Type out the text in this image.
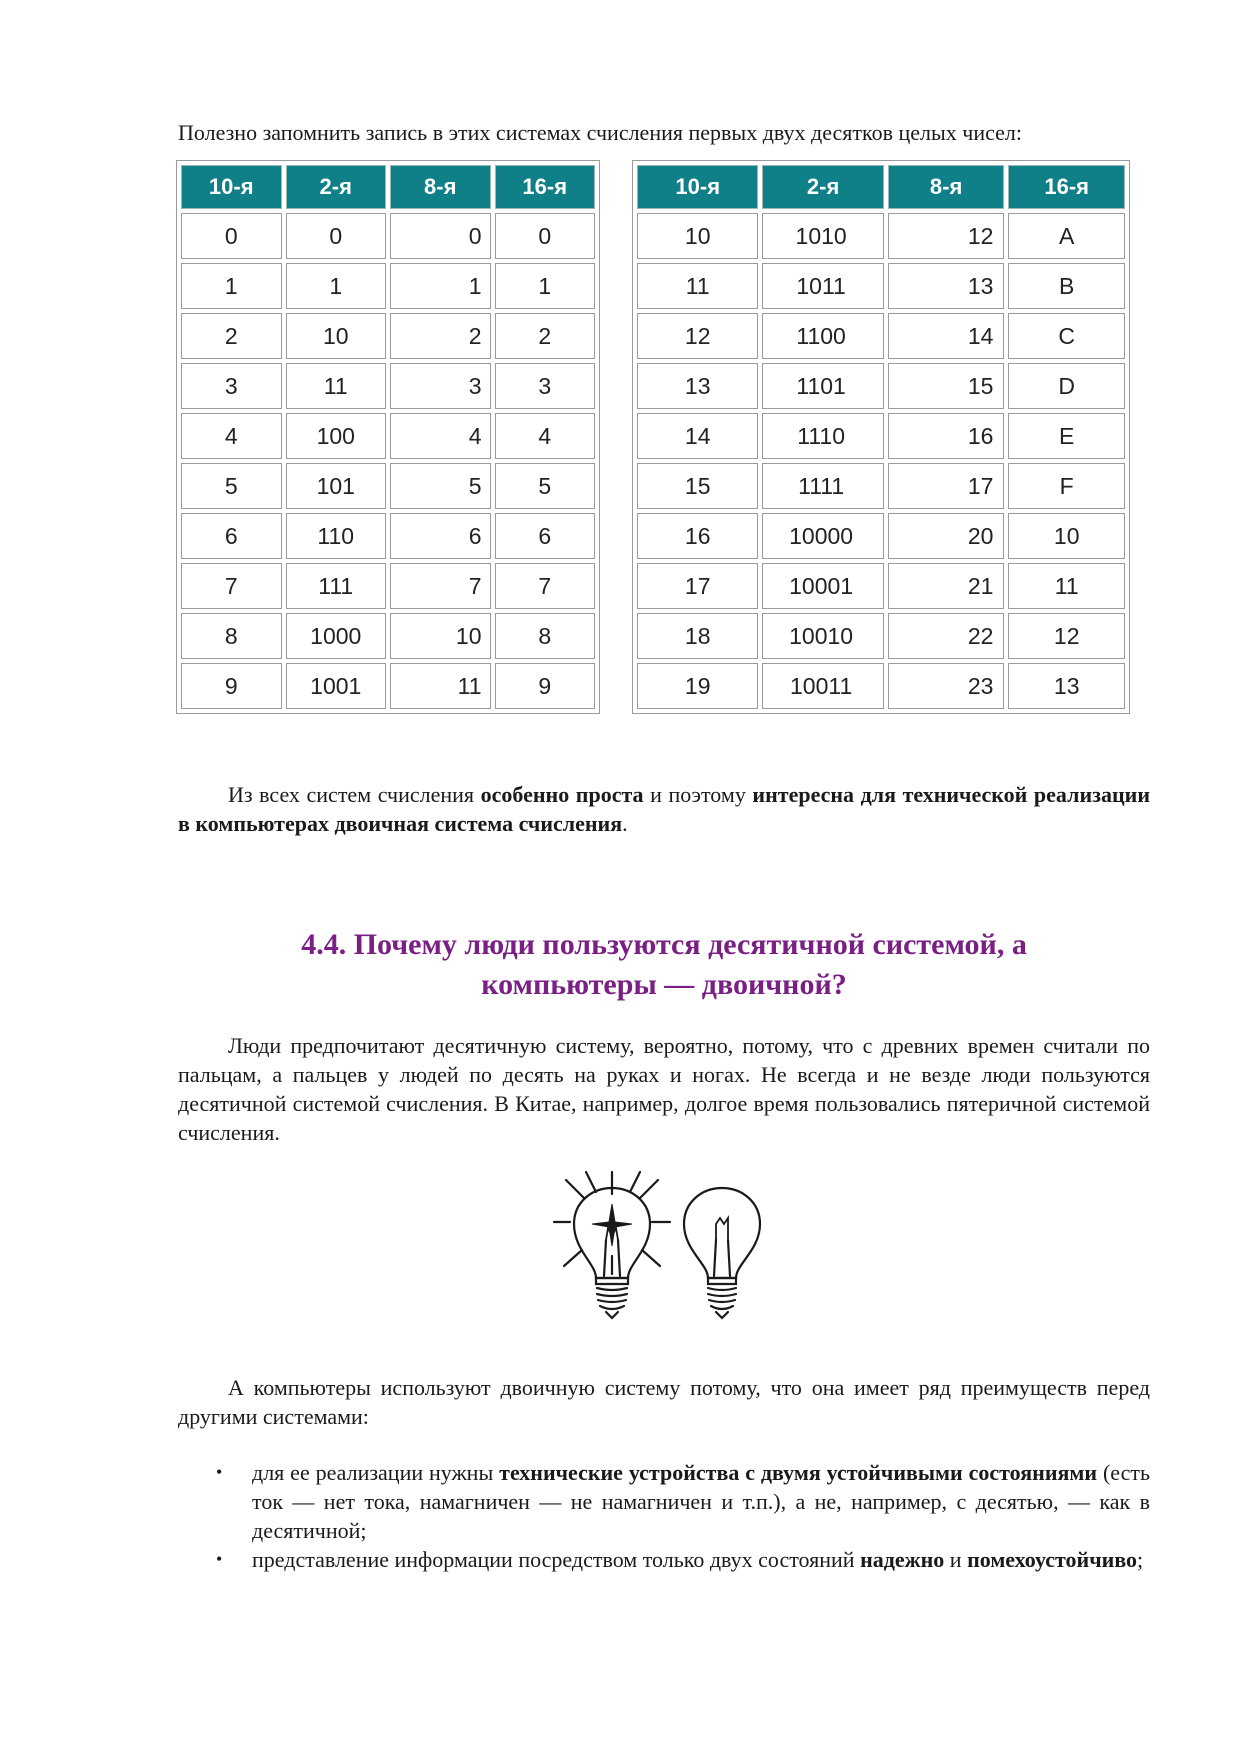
Полезно запомнить запись в этих системах счисления первых двух десятков целых чисел:
10-я	2-я	8-я	16-я
0	0	0	0
1	1	1	1
2	10	2	2
3	11	3	3
4	100	4	4
5	101	5	5
6	110	6	6
7	111	7	7
8	1000	10	8
9	1001	11	9
10-я	2-я	8-я	16-я
10	1010	12	A
11	1011	13	B
12	1100	14	C
13	1101	15	D
14	1110	16	E
15	1111	17	F
16	10000	20	10
17	10001	21	11
18	10010	22	12
19	10011	23	13

Из всех систем счисления особенно проста и поэтому интересна для технической реализации в компьютерах двоичная система счисления.

4.4. Почему люди пользуются десятичной системой, а
компьютеры — двоичной?

Люди предпочитают десятичную систему, вероятно, потому, что с древних времен считали по пальцам, а пальцев у людей по десять на руках и ногах. Не всегда и не везде люди пользуются десятичной системой счисления. В Китае, например, долгое время пользовались пятеричной системой счисления.

А компьютеры используют двоичную систему потому, что она имеет ряд преимуществ перед другими системами:

• для ее реализации нужны технические устройства с двумя устойчивыми состояниями (есть ток — нет тока, намагничен — не намагничен и т.п.), а не, например, с десятью, — как в десятичной;
• представление информации посредством только двух состояний надежно и помехоустойчиво;
